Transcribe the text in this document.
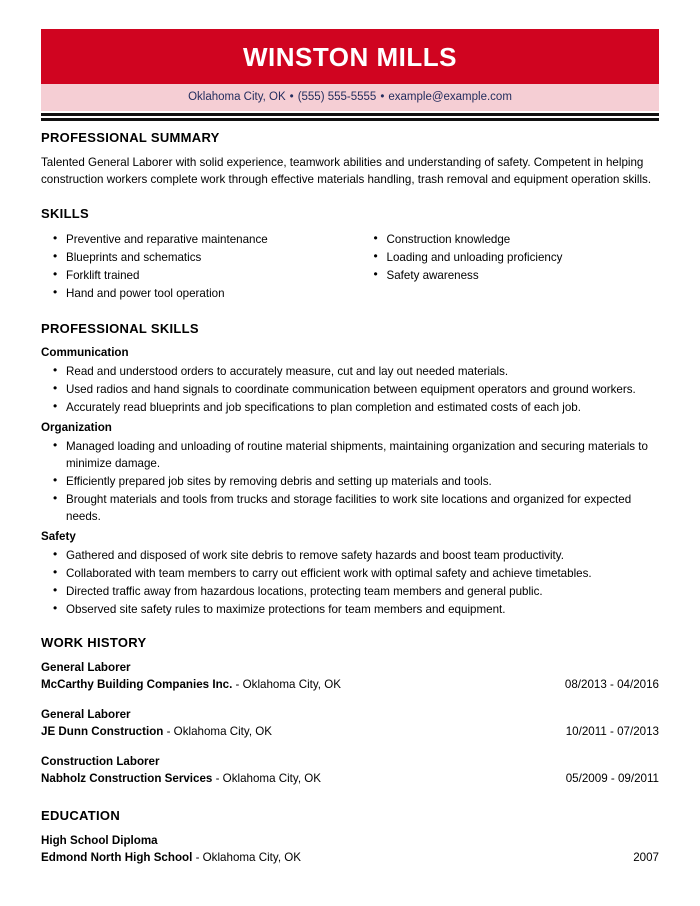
WINSTON MILLS
Oklahoma City, OK • (555) 555-5555 • example@example.com
PROFESSIONAL SUMMARY

Talented General Laborer with solid experience, teamwork abilities and understanding of safety. Competent in helping construction workers complete work through effective materials handling, trash removal and equipment operation skills.

SKILLS
• Preventive and reparative maintenance
• Blueprints and schematics
• Forklift trained
• Hand and power tool operation
• Construction knowledge
• Loading and unloading proficiency
• Safety awareness
PROFESSIONAL SKILLS
Communication
• Read and understood orders to accurately measure, cut and lay out needed materials.
• Used radios and hand signals to coordinate communication between equipment operators and ground workers.
• Accurately read blueprints and job specifications to plan completion and estimated costs of each job.
Organization
• Managed loading and unloading of routine material shipments, maintaining organization and securing materials to minimize damage.
• Efficiently prepared job sites by removing debris and setting up materials and tools.
• Brought materials and tools from trucks and storage facilities to work site locations and organized for expected needs.
Safety
• Gathered and disposed of work site debris to remove safety hazards and boost team productivity.
• Collaborated with team members to carry out efficient work with optimal safety and achieve timetables.
• Directed traffic away from hazardous locations, protecting team members and general public.
• Observed site safety rules to maximize protections for team members and equipment.
WORK HISTORY
General Laborer
McCarthy Building Companies Inc. - Oklahoma City, OK	08/2013 - 04/2016
General Laborer
JE Dunn Construction - Oklahoma City, OK	10/2011 - 07/2013
Construction Laborer
Nabholz Construction Services - Oklahoma City, OK	05/2009 - 09/2011
EDUCATION
High School Diploma
Edmond North High School - Oklahoma City, OK	2007
